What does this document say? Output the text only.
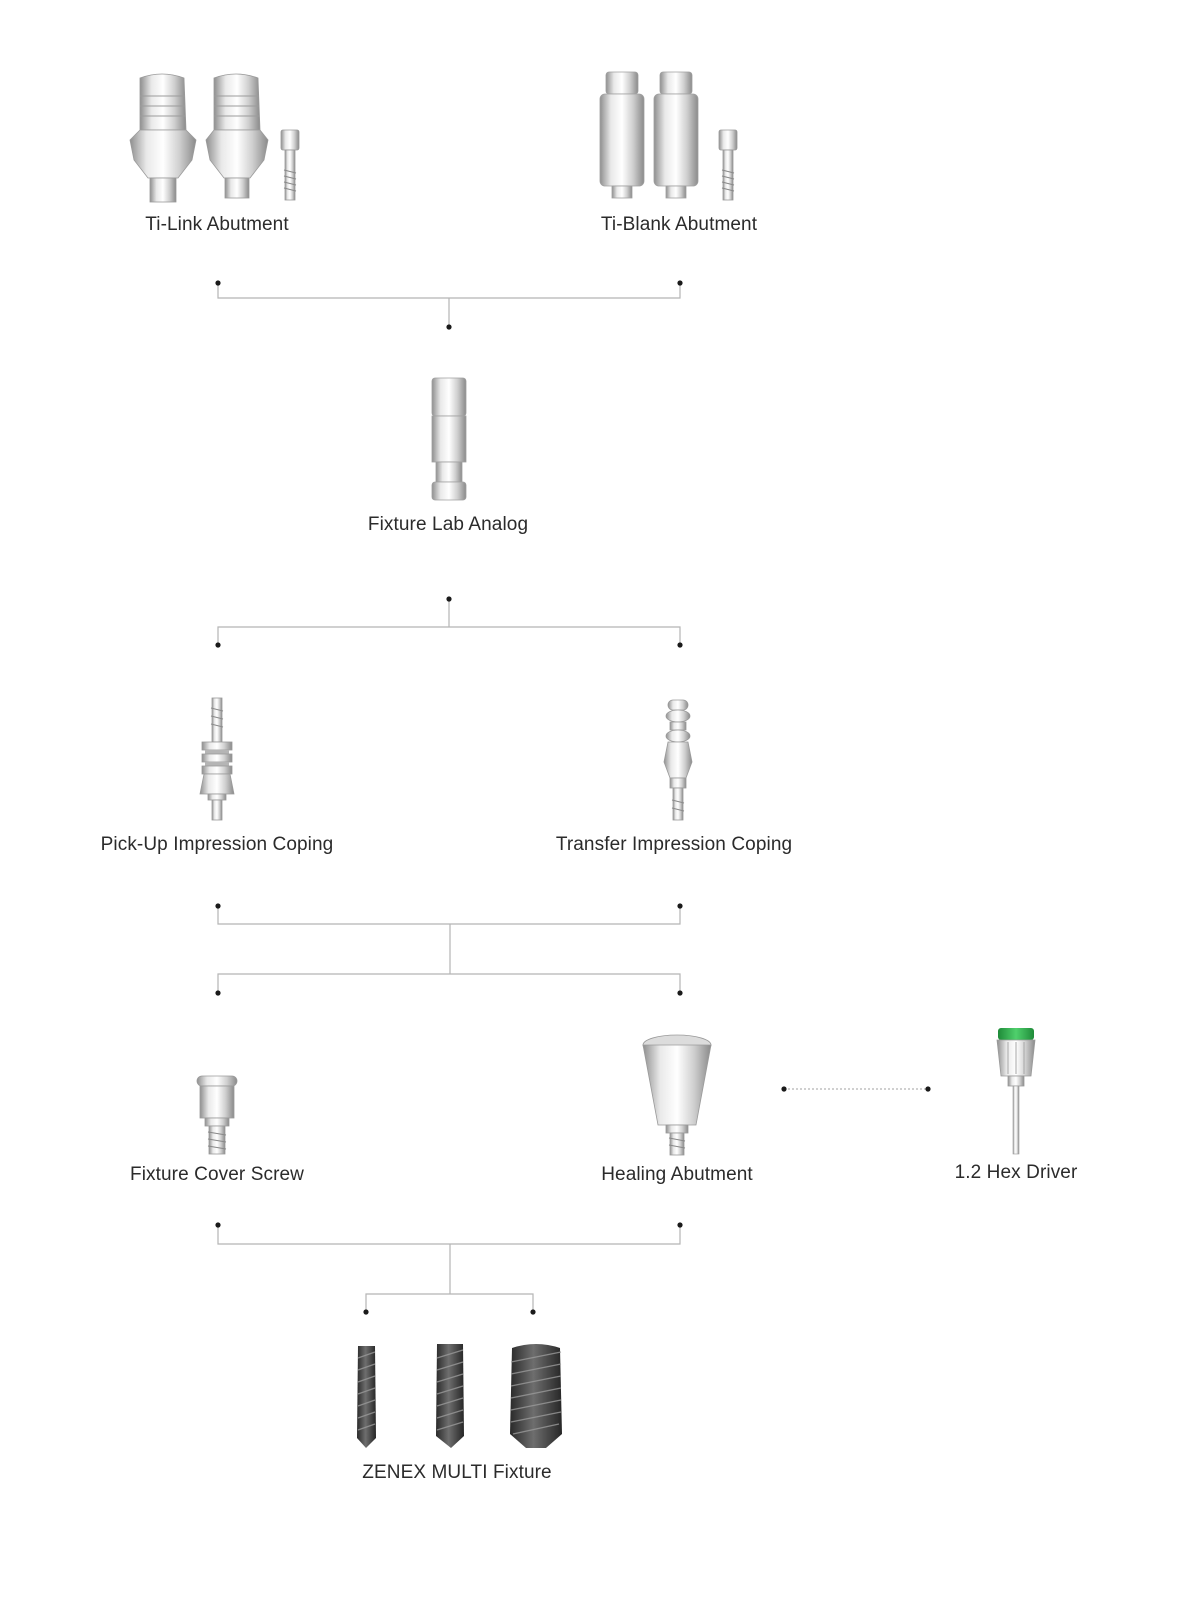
Ti-Link Abutment	Ti-Blank Abutment
Fixture Lab Analog
Pick-Up Impression Coping	Transfer Impression Coping
Fixture Cover Screw	Healing Abutment	1.2 Hex Driver
ZENEX MULTI Fixture
